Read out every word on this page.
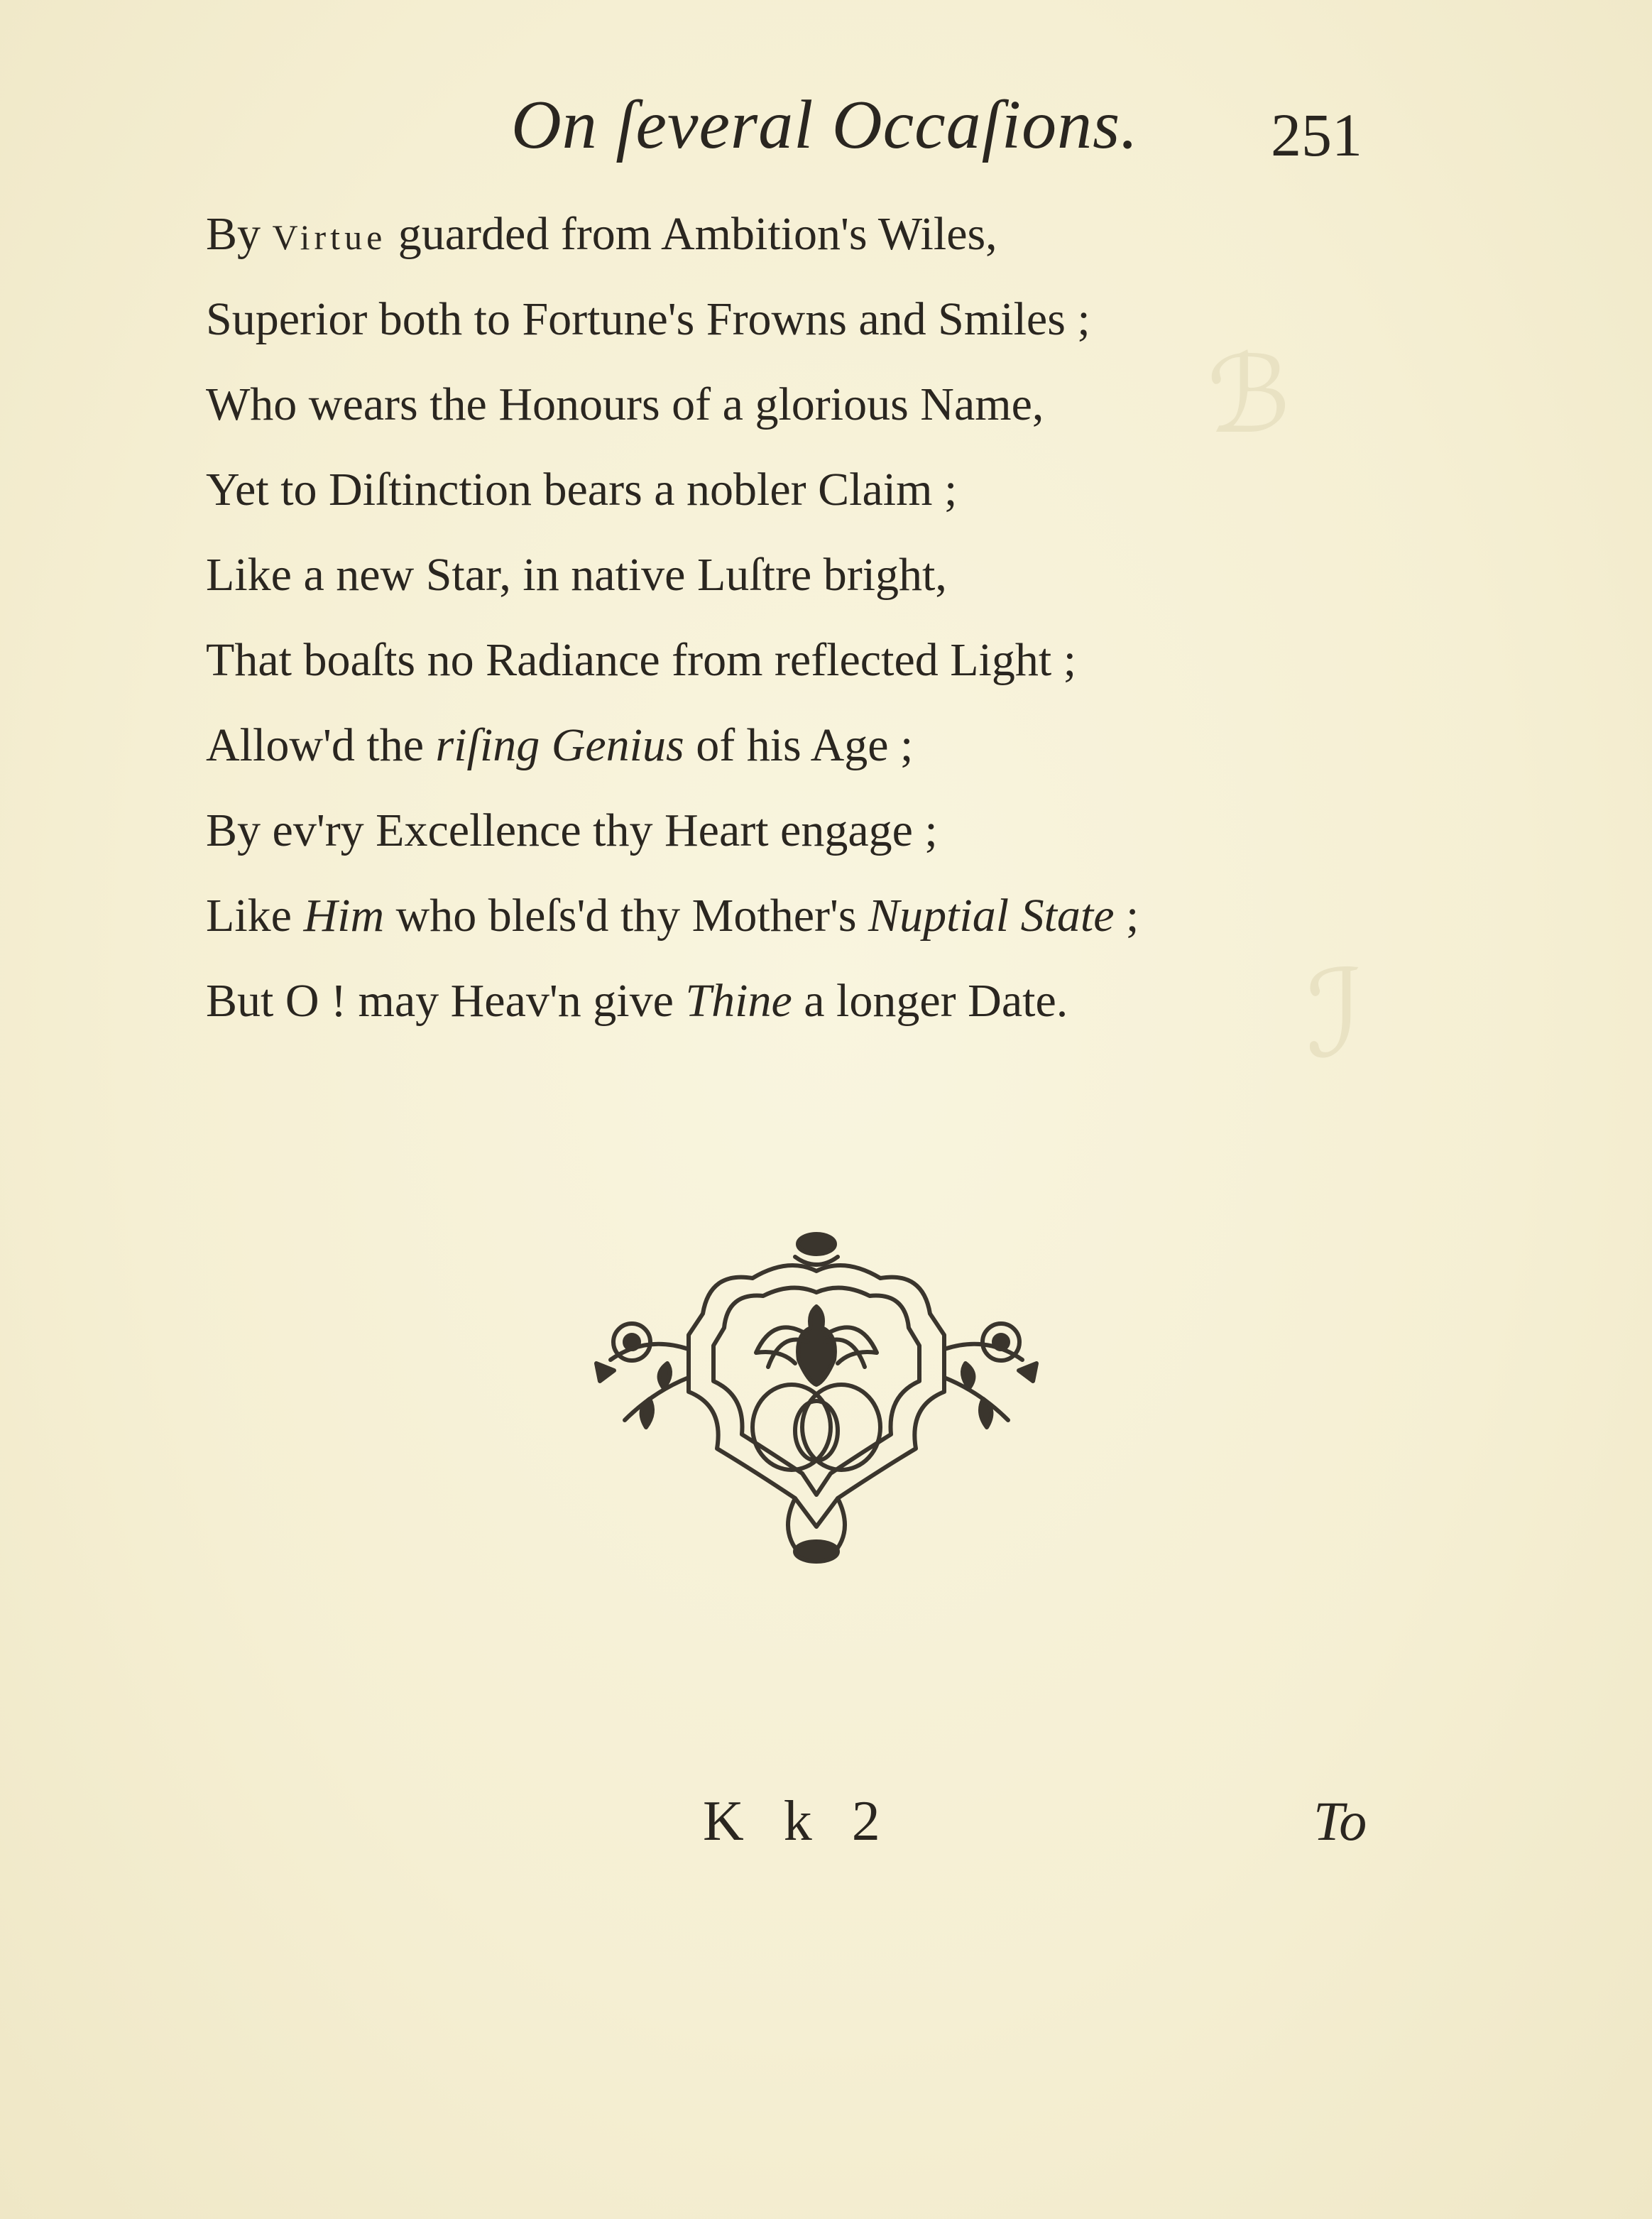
ℬ
ℐ
On ſeveral Occaſions. 251
By Virtue guarded from Ambition's Wiles,
Superior both to Fortune's Frowns and Smiles ;
Who wears the Honours of a glorious Name,
Yet to Diſtinction bears a nobler Claim ;
Like a new Star, in native Luſtre bright,
That boaſts no Radiance from reflected Light ;
Allow'd the riſing Genius of his Age ;
By ev'ry Excellence thy Heart engage ;
Like Him who bleſs'd thy Mother's Nuptial State ;
But O ! may Heav'n give Thine a longer Date.
K k 2	To
